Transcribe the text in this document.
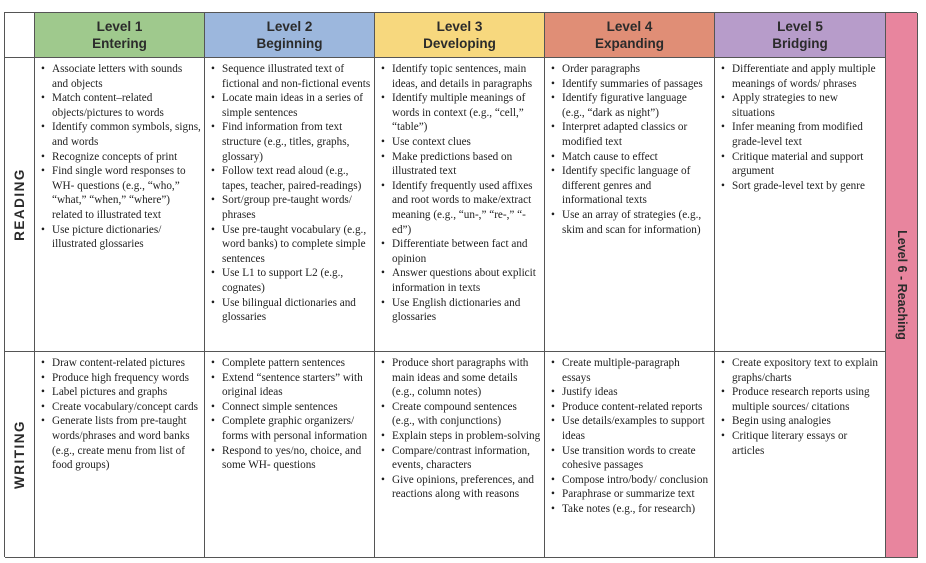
Level 1
Entering
Level 2
Beginning
Level 3
Developing
Level 4
Expanding
Level 5
Bridging
Level 6 - Reaching
READING
• Associate letters with sounds and objects
• Match content–related objects/pictures to words
• Identify common symbols, signs, and words
• Recognize concepts of print
• Find single word responses to WH- questions (e.g., “who,” “what,” “when,” “where”) related to illustrated text
• Use picture dictionaries/ illustrated glossaries
• Sequence illustrated text of fictional and non-fictional events
• Locate main ideas in a series of simple sentences
• Find information from text structure (e.g., titles, graphs, glossary)
• Follow text read aloud (e.g., tapes, teacher, paired-readings)
• Sort/group pre-taught words/ phrases
• Use pre-taught vocabulary (e.g., word banks) to complete simple sentences
• Use L1 to support L2 (e.g., cognates)
• Use bilingual dictionaries and glossaries
• Identify topic sentences, main ideas, and details in paragraphs
• Identify multiple meanings of words in context (e.g., “cell,” “table”)
• Use context clues
• Make predictions based on illustrated text
• Identify frequently used affixes and root words to make/extract meaning (e.g., “un-,” “re-,” “-ed”)
• Differentiate between fact and opinion
• Answer questions about explicit information in texts
• Use English dictionaries and glossaries
• Order paragraphs
• Identify summaries of passages
• Identify figurative language (e.g., “dark as night”)
• Interpret adapted classics or modified text
• Match cause to effect
• Identify specific language of different genres and informational texts
• Use an array of strategies (e.g., skim and scan for information)
• Differentiate and apply multiple meanings of words/ phrases
• Apply strategies to new situations
• Infer meaning from modified grade-level text
• Critique material and support argument
• Sort grade-level text by genre
WRITING
• Draw content-related pictures
• Produce high frequency words
• Label pictures and graphs
• Create vocabulary/concept cards
• Generate lists from pre-taught words/phrases and word banks (e.g., create menu from list of food groups)
• Complete pattern sentences
• Extend “sentence starters” with original ideas
• Connect simple sentences
• Complete graphic organizers/ forms with personal information
• Respond to yes/no, choice, and some WH- questions
• Produce short paragraphs with main ideas and some details (e.g., column notes)
• Create compound sentences (e.g., with conjunctions)
• Explain steps in problem-solving
• Compare/contrast information, events, characters
• Give opinions, preferences, and reactions along with reasons
• Create multiple-paragraph essays
• Justify ideas
• Produce content-related reports
• Use details/examples to support ideas
• Use transition words to create cohesive passages
• Compose intro/body/ conclusion
• Paraphrase or summarize text
• Take notes (e.g., for research)
• Create expository text to explain graphs/charts
• Produce research reports using multiple sources/ citations
• Begin using analogies
• Critique literary essays or articles
